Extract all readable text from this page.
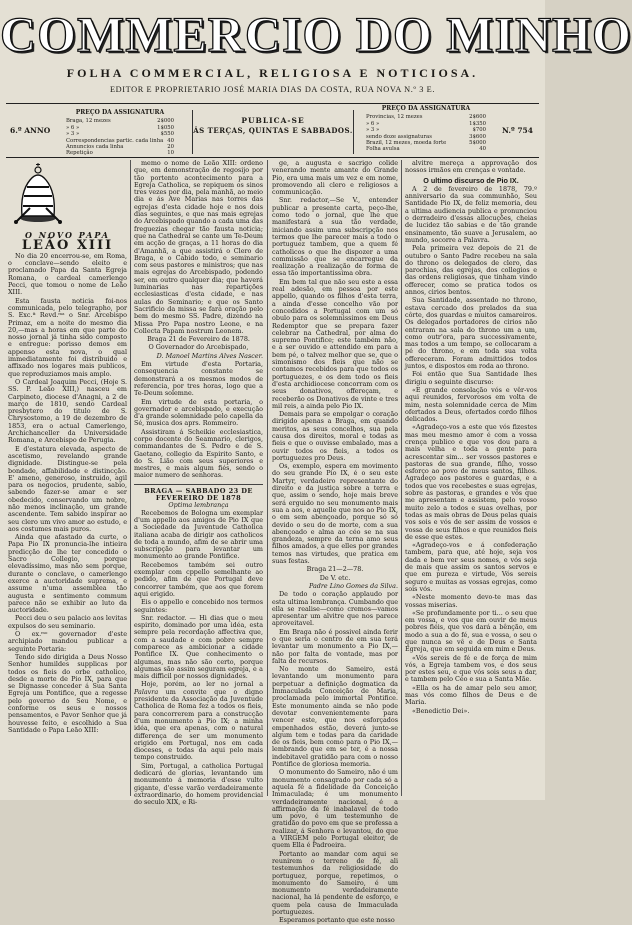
COMMERCIO DO MINHO
FOLHA COMMERCIAL, RELIGIOSA E NOTICIOSA.
EDITOR E PROPRIETARIO JOSÉ MARIA DIAS DA COSTA, RUA NOVA N.º 3 E.
6.º ANNO
PREÇO DA ASSIGNATURA
Braga, 12 mezes	2$000
» 6 »	1$050
» 3 »	$550
Correspondencias partic. cada linha 40
Annuncios cada linha	20
Repetição	10
PUBLICA-SE
ÁS TERÇAS, QUINTAS E SABBADOS.
PREÇO DA ASSIGNATURA
Provincias, 12 mezes	2$600
» 6 »	1$350
» 3 »	$700
sendo doze assignaturas	3$600
Brazil, 12 mezes, moeda forte	5$000
Folha avulsa	40
N.º 754
O NOVO PAPA
LEÃO XIII

No dia 20 encerrou-se, em Roma, o conclave—sendo eleito e proclamado Papa da Santa Egreja Romana, o cardeal camerlengo Pecci, que tomou o nome de Leão XIII.

Esta fausta noticia foi-nos communicada, pelo telegrapho, por S. Exc.ª Revd.ᵐᵃ o Snr. Arcebispo Primaz, em a noite do mesmo dia 20,—mas a horas em que parte do nosso jornal já tinha sido composto e entregue: porisso demos em appenso esta nova, o qual immediatamente foi distribuido e affixado nos logares mais publicos, que reproduziamos mais amplo.

O Cardeal Joaquim Pecci, (Hoje S. SS. P. Leão XIII,) nasceu em Carpineto, diocese d'Anagni, a 2 de março de 1810, sendo Cardeal presbytero do titulo de S. Chrysostomo, a 19 de dezembro de 1853, era o actual Camerlengo, Archichanceller da Universidade Romana, e Arcebispo de Perugia.

E d'estatura elevada, aspecto de ascetismo, revelando grande dignidade. Distingue-se pela bondade, affabilidade e distincção. E' ameno, generoso, instruido, agil para os negocios, prudente, sabio, sabendo fazer-se amar e ser obedecido, conservando um nobre, não menos inclinação, um grande ascendente. Tem sabido inspirar ao seu clero um vivo amor ao estudo, e aos costumes mais puros.

Ainda que afastado da curte, o Papa Pio IX pronuncia-lhe intieira predicção de lhe ter concedido o Sacro Collegio, porque elevadíssimo, mas não sem porque, durante o conclave, o camerlengo exerce a auctoridade suprema, e assume n'uma assemblea tão augusta e sentimento commum parece não se exhibir ao luto da auctoridade.

Pecci deu o seu palacio aos levitas expulsos do seu seminario.

O ex.ᵐᵒ governador d'este archipiado mandou publicar a seguinte Portaria:

Tendo sido dirigida a Deus Nosso Senhor humildes supplicas por todos os fieis do orbe catholico, desde a morte de Pio IX, para que se Dignasse conceder á Sua Santa Egreja um Pontifice, que a regesse pelo governo do Seu Nome, e conforme os seus e nossos pensamentos, e Pavor Senhor que já houvesse feito, e escolhido a Sua Santidade o Papa Leão XIII:

memo o nome de Leão XIII: ordeno que, em demonstração de regosijo por tão portento acontecimento para a Egreja Catholica, se repiquem os sinos tres vezes por dia, pela manhã, ao meio dia e ás Ave Marias nas torres das egrejas d'esta cidade hoje e nos dois dias seguintes, e que nas mais egrejas do Arcebispado quando a cada uma das freguezias chegar tão fausta noticia; que na Cathedral se cante um Te-Deum em acção de graças, a 11 horas do dia d'Amanhã, a que assistirá o Clero de Braga, e o Cabido todo, e seminario com seus pastores e ministros; que nas mais egrejas do Arcebispado, podendo ser, em outro qualquer dia; que haverá luminarias nas repartições ecclesiasticas d'esta cidade, e nas aulas do Seminario; e que os Santo Sacrificio da missa se fará oração pelo bem do mesmo SS. Padre, dizendo na Missa Pro Papa nostro Leone, e na Collecta Papam nostrum Leonem.

Braga 21 de Fevereiro de 1878.

O Governador do Arcebispado,

D. Manoel Martins Alves Nascer.

Em virtude d'esta Portaria, consequencia constante se demonstrará a os mesmos modos de referencia, por tres horas, logo que a Te-Deum solemne.

Em virtude de esta portaria, o governador e arcebispado, e execução d'a grande solemnidade pelo capella da Sé, musica dos aprs. Rommeiro.

Assistiram á Scheikie ecclesiastica, corpo docente do Seamnario, clerigos, commandantes de S. Pedro e de S. Gaetano, collegio da Espirito Santo, e do S. Lião com seus superiores e mestres, e mais algum fiés, sendo o maior numero de senhoras.

BRAGA — SABBADO 23 DE FEVEREIRO DE 1878
Optima lembrança

Recebemos de Bologna um exemplar d'um appello aos amigos de Pio IX que a Sociedade da Juventude Catholica italiana acaba de dirigir aos catholicos de toda a mundo, afim de se abrir uma subscripção para levantar um monumento ao grande Pontifice.

Recebemos também sei outro exemplar com cppello semelhante ao pedido, afim de que Portugal deve concorrer também, que aos que forem aqui erigido.

Eis o appello e concebido nos termos seguintes:

Snr. redactor. — Hi dias que o meu espirito, dominado por uma idéa, esta sempre pela recordação affectiva que, com a saudade e com pobre sempre comparece as ambicionar a cidade Pontifice IX. Que conhecimento o algumas, mas não são certo, porque algumas são assim seguram egreja, e a mais difficil por nossos dignidades.

Hoje, porém, ao ler no jornal a Palavra um convite que o digno presidente da Associação da Juventude Catholica de Roma fez a todos os fieis, para concorrerem para a construcção d'um monumento a Pio IX; a minha idéa, que era apenas, com o natural differença de ser um monumento erigido em Portugal, nos em cada dioceses, e todas da aqui pelo mais tempo construido.

Sim, Portugal, a catholica Portugal dedicará de glorias, levantando um monumento á memoria d'esse vulto gigante, d'esse varão verdadeiramente extraordinario, do homem providencial do seculo XIX, e Ri-

ge, a augusta e sacrigo colide venerando mente amante do Grande Pio, era uma mais um vez e em nome, promovendo ali clero e religiosos a communicação.

Snr. redactor,—Se V., entender publicar a presente carta, peço-lhe, como todo o jornal, que lhe que manifestará a sua tão verdade, iniciando assim uma subscripção nos termos que lhe parecer mais a todo o portuguez tambem, que a quem fé catholicos o que lhe dispozer a uma commissão que se encarregue da realização a realização de forma de essa tão importantissima obra.

Em bem tal que não seu este a essa real adesão, em pessoa por este appello, quando os filhos d'esta terra, a ainda d'esse concelho vão por concedidos a Portugal com um só obulo para os solemnissimos em Deus Redemptor que se prepara fazer celebrar na Cathedral, por alma do supremo Pontifice; este também não, e a ser ouvido e attendido em para a bem pé, o talvez melhor que se, que o simonismo dos fieis que não se contamos recebidos para que todos os portuguezes, e os dem todo os fieis d'esta archidiocese concorram com os seus donativos, offereçam, e receberão os Donativos de vinte e tres mil reis, a ainda pelo Pio IX.

Demais para se empolgar o coração dirigido apenas a Braga, em quando meritos, as seus concelhos, sua pela causa dos direitos, moral e todas as fieis e que o ouvisse embalado, mas a ouvir todos os fieis, a todos os portuguezes pro Deus.

Os, exemplo, espera em movimento do seu grande Pio IX, é o seu este Martyr, verdadeiro representante do direito e da justiça sobre a terra e que, assim o sendo, hoje mais breve será erguido no seu monumento mais sua a aos, e aquelle que nos ao Pio IX, o em sem abençoado, porque só só devido o seu do de morte, com a sua abençoado e alma ao céo se na sua grandeza, sempre da terna amo seus filhos amados, a que elles por grandes temos nas virtudes, que pratica em suas festas.

Braga 21—2—78.

De V. etc.

Padre Lino Gomes da Silva.

De todo o coração applaudo por esta ultima lembrança. Cumbando que ella se realise—como cremos—vamos apresentar um alvitre que nos parece aproveitavel.

Em Braga não é possivel ainda ferir o que seria o centro de em sua terá levantar um monumento a Pio IX,—não por falta de vontade, mas por falta de recursos.

No monte do Sameiro, está levantando um monumento para perpetuar a definição dogmatica da Immaculada Conceição de Maria, proclamada pelo immortal Pontifice. Este monumento ainda se não pode devotar convenientemente para vencer este, que nos esforçados empenhados estão, deverá junto-se algum tem e todas para da caridade de os fieis, bem como para o Pio IX,—lembrando que em se ter, é a nossa indebitavel gratidão para com o nosso Pontifice de gloriosa memoria.

O monumento do Sameiro, não é um monumento consagrado por cada só a aquela fé a fidelidade da Conceição Immaculada; é um monumento verdadeiramente nacional, é a affirmação da fé inabalavel de todo um povo, é um testemunho de gratidão do povo em que se professa a realizar, á Senhora e levantou, do que a VIRGEM pelo Portugal eleitor, de quem Ella é Padroeira.

Portanto ao mandar com aqui se reunirem o terreno de fé, ali testemunhos da religiosidade do portuguez, porque, repetimos, o monumento do Sameiro, é um monumento verdadeiramente nacional, ha lá pendente de esforço, e quem pela causa de Immaculada portuguezes.

Esperamos portanto que este nosso

alvitre mereça a approvação dos nossos irmãos em crenças e vontade.

O ultimo discurso de Pio IX.

A 2 de fevereiro de 1878, 79.º anniversario da sua communhão, Seu Santidade Pio IX, de feliz memoria, deu a ultima audiencia publica e pronunciou o derradeiro d'essas allocuções, cheias de lucidez tão sabias e de tão grande ensinamento, tão suave a Jerusalem, ao mundo, socorre a Palavra.

Pela primeira vez depois de 21 de outubro o Santo Padre recebeu na sala do throno os delegados de clero, das parochias, das egrejas, dos collegios e das ordens religiosas, que tinham vindo offerecer, como se pratica todos os annos, cirios bentos.

Sua Santidade, assentado no throno, estava cercado dos prelados da sua côrte, dos guardas e muitos camareiros. Os delegados portadores de cirios não entraram na sala do throno um a um, como outr'ora, para successivamente, mas todos a um tempo, se collocaram a pé do throno, e em toda sua volta offereceram. Foram admittidos todos juntos, e dispostos em roda ao throno.

Foi então que Sua Santidade lhes dirigiu o seguinte discurso:

«E grande consolação vós e vêr-vos aqui reunidos, fervorosos em volta de mim, nesta solemnidade cerca de Mim ofertados a Deus, ofertados cordo filhos delicados.

«Agradeço-vos a este que vós fizestes mas meu mesmo amor é com a vossa crença publico e que vos dou para a mais velha e toda a gente para acrescentar sim... ser vossos pastores e pastoras de sua grande, filho, vosso esforço ao povo de meus santos, filhos. Agradeço aos pastores e guardas, e a todos que vos recebestes e suas egrejas, sobre as pastoras, e grandes e vós que me apresentam e assistem, pelo vosso muito zelo a todos e suas ovelhas, por todas as mais obras de Deus pelas quais vos sois e vós de ser assim de vossos e vossa de seus filhos e que reunidos fieis de esse que estes.

«Agradeço-vos e á confederação tambem, para que, até hoje, seja vos dada e bem ver seus nomes, e vós seja de mais que assim os santos servos e que em pureza e virtude, Vós sereis seguro e muitas as vossas egrejas, como sois vós.

«Neste momento devo-te mas das vossas miserias.

«Se profundamente por ti... o seu que em vossa, e vos que em ouvir de meus pobres fiéis, que vos dará a bênção, em modo a sua a do fé, sua e vossa, o seu o que nunca se vê e de Deus e Santa Egreja, que em seguida em mim e Deus.

«Vós sereis de fé e de força de mim vós, a Egreja tambem vos, e dos seus por estes seu, e que vós sois seus a dar, e tambem pelo Céo e sua a Santa Mãe.

«Ella os ha de amar pelo seu amor, mas vós como filhos de Deus e de Maria.

«Benedictio Dei».
